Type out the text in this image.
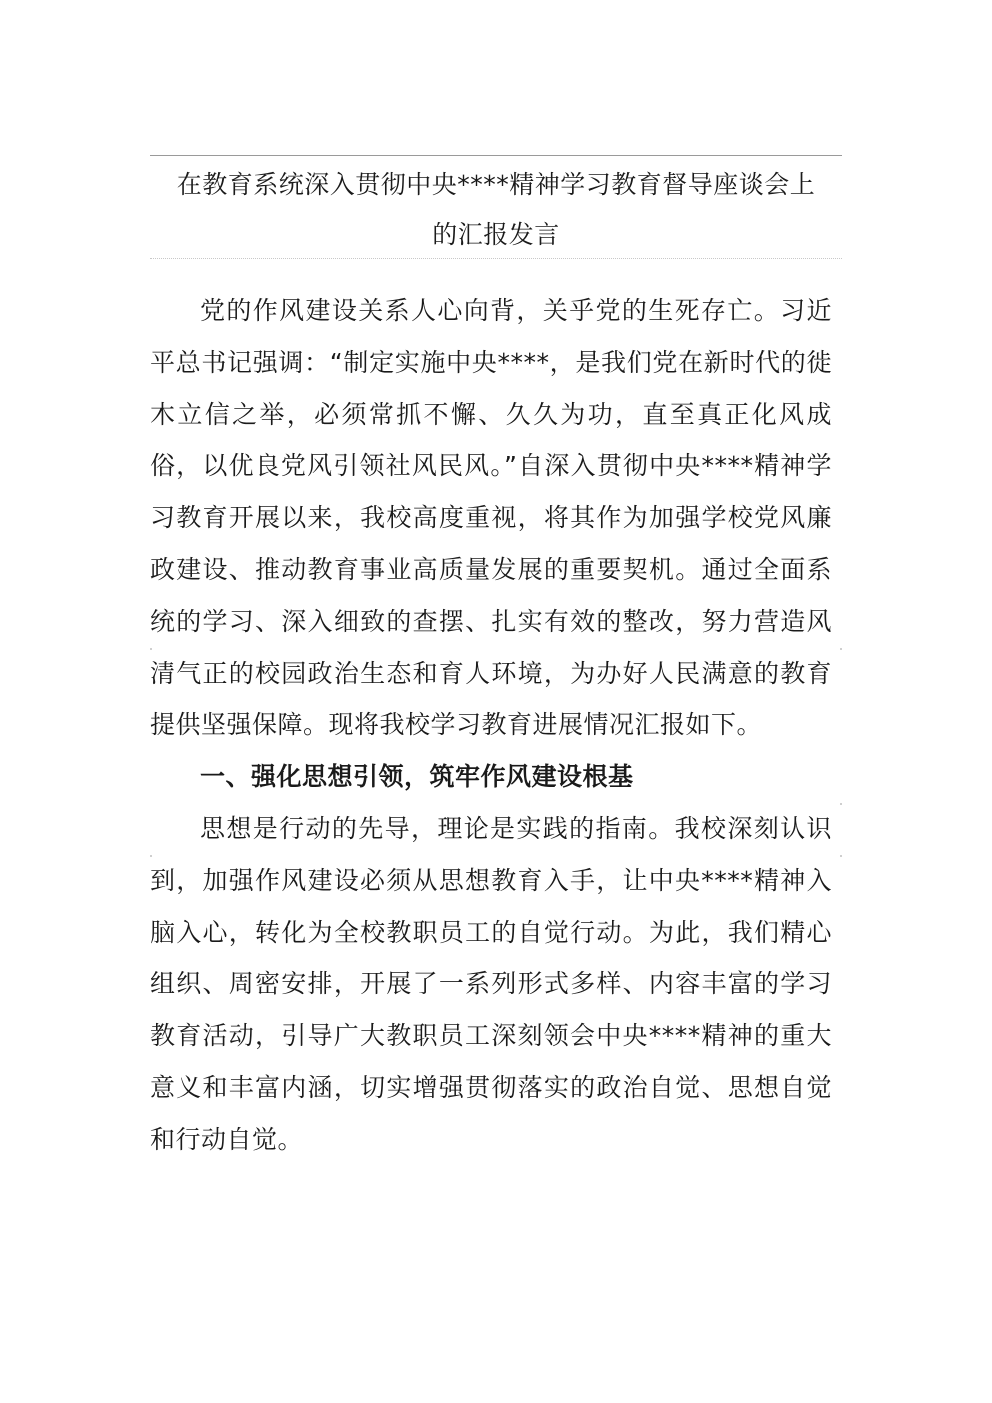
在教育系统深入贯彻中央****精神学习教育督导座谈会上
的汇报发言

党的作风建设关系人心向背，关乎党的生死存亡。习近平总书记强调：“制定实施中央****，是我们党在新时代的徙木立信之举，必须常抓不懈、久久为功，直至真正化风成俗，以优良党风引领社风民风。”自深入贯彻中央****精神学习教育开展以来，我校高度重视，将其作为加强学校党风廉政建设、推动教育事业高质量发展的重要契机。通过全面系统的学习、深入细致的查摆、扎实有效的整改，努力营造风清气正的校园政治生态和育人环境，为办好人民满意的教育提供坚强保障。现将我校学习教育进展情况汇报如下。

一、强化思想引领，筑牢作风建设根基

思想是行动的先导，理论是实践的指南。我校深刻认识到，加强作风建设必须从思想教育入手，让中央****精神入脑入心，转化为全校教职员工的自觉行动。为此，我们精心组织、周密安排，开展了一系列形式多样、内容丰富的学习教育活动，引导广大教职员工深刻领会中央****精神的重大意义和丰富内涵，切实增强贯彻落实的政治自觉、思想自觉和行动自觉。
